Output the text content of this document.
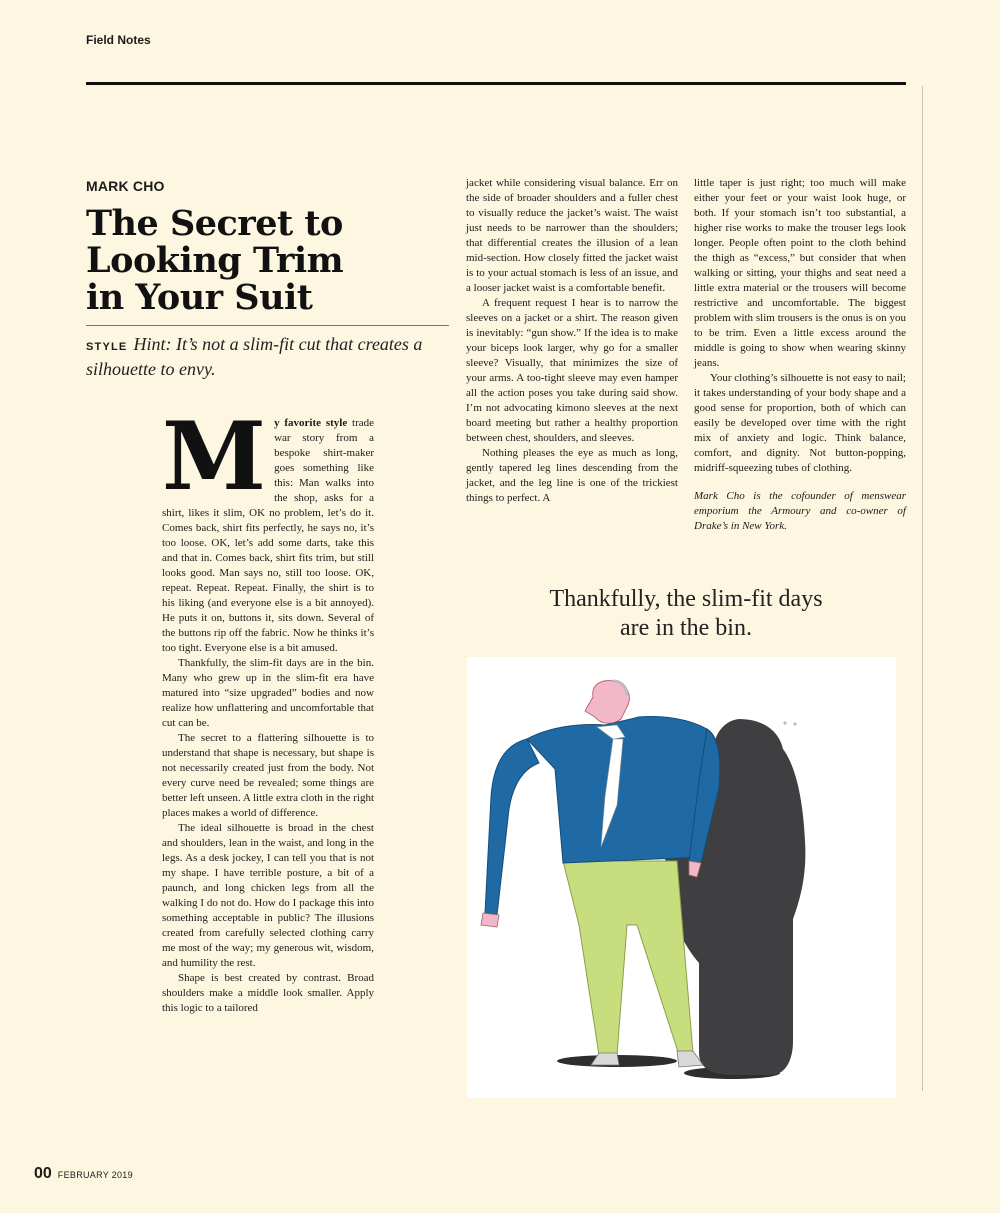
Field Notes
MARK CHO
The Secret to
Looking Trim
in Your Suit
STYLE Hint: It’s not a slim-fit cut that creates a silhouette to envy.

My favorite style trade war story from a bespoke shirt-maker goes something like this: Man walks into the shop, asks for a shirt, likes it slim, OK no problem, let’s do it. Comes back, shirt fits perfectly, he says no, it’s too loose. OK, let’s add some darts, take this and that in. Comes back, shirt fits trim, but still looks good. Man says no, still too loose. OK, repeat. Repeat. Repeat. Finally, the shirt is to his liking (and everyone else is a bit annoyed). He puts it on, buttons it, sits down. Several of the buttons rip off the fabric. Now he thinks it’s too tight. Everyone else is a bit amused.

Thankfully, the slim-fit days are in the bin. Many who grew up in the slim-fit era have matured into “size upgraded” bodies and now realize how unflattering and uncomfortable that cut can be.

The secret to a flattering silhouette is to understand that shape is necessary, but shape is not necessarily created just from the body. Not every curve need be revealed; some things are better left unseen. A little extra cloth in the right places makes a world of difference.

The ideal silhouette is broad in the chest and shoulders, lean in the waist, and long in the legs. As a desk jockey, I can tell you that is not my shape. I have terrible posture, a bit of a paunch, and long chicken legs from all the walking I do not do. How do I package this into something acceptable in public? The illusions created from carefully selected clothing carry me most of the way; my generous wit, wisdom, and humility the rest.

Shape is best created by contrast. Broad shoulders make a middle look smaller. Apply this logic to a tailored

jacket while considering visual balance. Err on the side of broader shoulders and a fuller chest to visually reduce the jacket’s waist. The waist just needs to be narrower than the shoulders; that differential creates the illusion of a lean mid-section. How closely fitted the jacket waist is to your actual stomach is less of an issue, and a looser jacket waist is a comfortable benefit.

A frequent request I hear is to narrow the sleeves on a jacket or a shirt. The reason given is inevitably: “gun show.” If the idea is to make your biceps look larger, why go for a smaller sleeve? Visually, that minimizes the size of your arms. A too-tight sleeve may even hamper all the action poses you take during said show. I’m not advocating kimono sleeves at the next board meeting but rather a healthy proportion between chest, shoulders, and sleeves.

Nothing pleases the eye as much as long, gently tapered leg lines descending from the jacket, and the leg line is one of the trickiest things to perfect. A

little taper is just right; too much will make either your feet or your waist look huge, or both. If your stomach isn’t too substantial, a higher rise works to make the trouser legs look longer. People often point to the cloth behind the thigh as “excess,” but consider that when walking or sitting, your thighs and seat need a little extra material or the trousers will become restrictive and uncomfortable. The biggest problem with slim trousers is the onus is on you to be trim. Even a little excess around the middle is going to show when wearing skinny jeans.

Your clothing’s silhouette is not easy to nail; it takes understanding of your body shape and a good sense for proportion, both of which can easily be developed over time with the right mix of anxiety and logic. Think balance, comfort, and dignity. Not button-popping, midriff-squeezing tubes of clothing.

Mark Cho is the cofounder of menswear emporium the Armoury and co-owner of Drake’s in New York.

Thankfully, the slim-fit days
are in the bin.
00 FEBRUARY 2019
